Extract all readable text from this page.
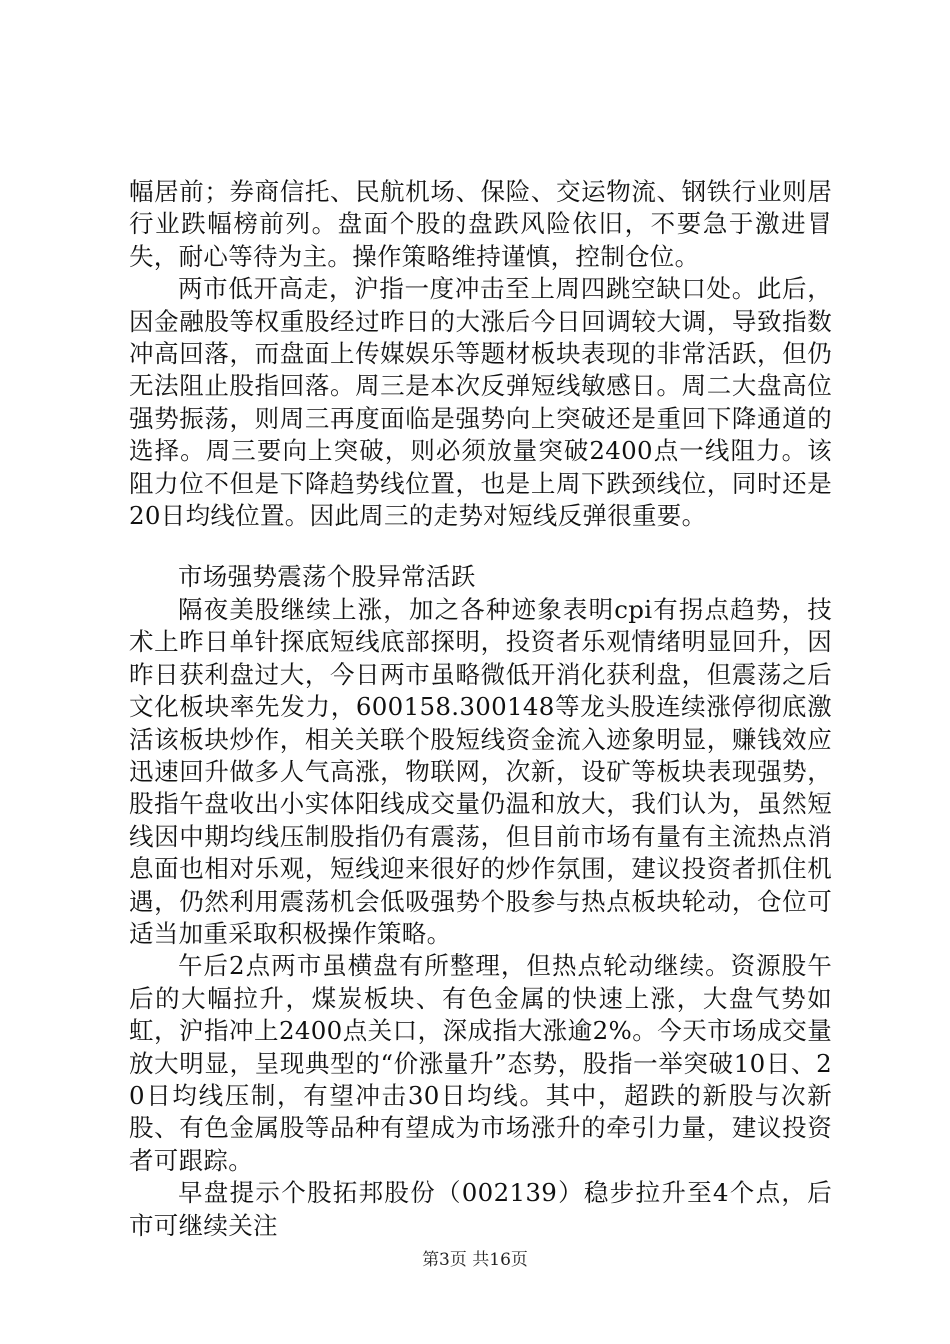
幅居前；券商信托、民航机场、保险、交运物流、钢铁行业则居行业跌幅榜前列。盘面个股的盘跌风险依旧，不要急于激进冒失，耐心等待为主。操作策略维持谨慎，控制仓位。

两市低开高走，沪指一度冲击至上周四跳空缺口处。此后，因金融股等权重股经过昨日的大涨后今日回调较大调，导致指数冲高回落，而盘面上传媒娱乐等题材板块表现的非常活跃，但仍无法阻止股指回落。周三是本次反弹短线敏感日。周二大盘高位强势振荡，则周三再度面临是强势向上突破还是重回下降通道的选择。周三要向上突破，则必须放量突破2400点一线阻力。该阻力位不但是下降趋势线位置，也是上周下跌颈线位，同时还是20日均线位置。因此周三的走势对短线反弹很重要。

市场强势震荡个股异常活跃

隔夜美股继续上涨，加之各种迹象表明cpi有拐点趋势，技术上昨日单针探底短线底部探明，投资者乐观情绪明显回升，因昨日获利盘过大，今日两市虽略微低开消化获利盘，但震荡之后文化板块率先发力，600158.300148等龙头股连续涨停彻底激活该板块炒作，相关关联个股短线资金流入迹象明显，赚钱效应迅速回升做多人气高涨，物联网，次新，设矿等板块表现强势，股指午盘收出小实体阳线成交量仍温和放大，我们认为，虽然短线因中期均线压制股指仍有震荡，但目前市场有量有主流热点消息面也相对乐观，短线迎来很好的炒作氛围，建议投资者抓住机遇，仍然利用震荡机会低吸强势个股参与热点板块轮动，仓位可适当加重采取积极操作策略。

午后2点两市虽横盘有所整理，但热点轮动继续。资源股午后的大幅拉升，煤炭板块、有色金属的快速上涨，大盘气势如虹，沪指冲上2400点关口，深成指大涨逾2%。今天市场成交量放大明显，呈现典型的“价涨量升”态势，股指一举突破10日、20日均线压制，有望冲击30日均线。其中，超跌的新股与次新股、有色金属股等品种有望成为市场涨升的牵引力量，建议投资者可跟踪。

早盘提示个股拓邦股份（002139）稳步拉升至4个点，后市可继续关注

第3页 共16页
